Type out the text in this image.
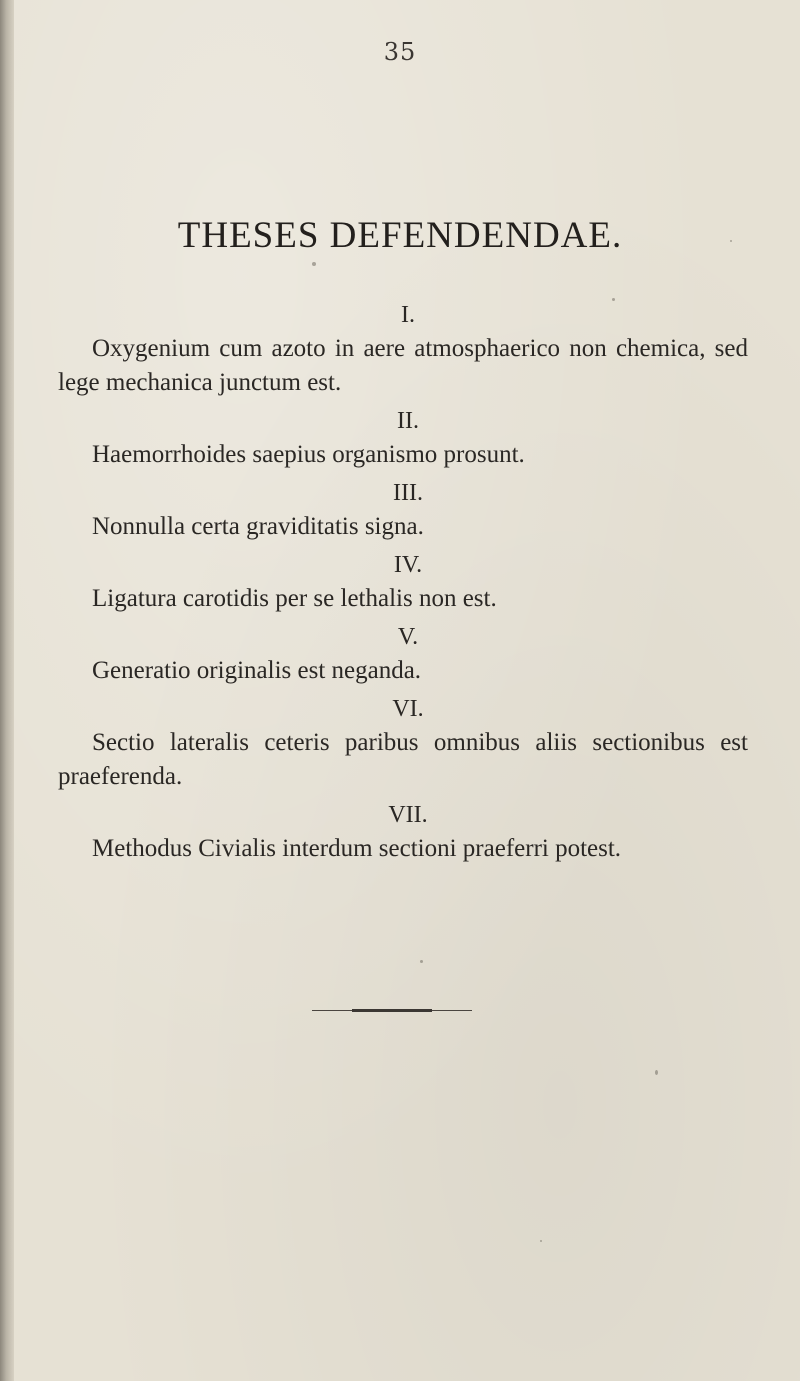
35
THESES DEFENDENDAE.

I.

Oxygenium cum azoto in aere atmosphaerico non chemica, sed lege mechanica junctum est.

II.

Haemorrhoides saepius organismo prosunt.

III.

Nonnulla certa graviditatis signa.

IV.

Ligatura carotidis per se lethalis non est.

V.

Generatio originalis est neganda.

VI.

Sectio lateralis ceteris paribus omnibus aliis sectionibus est praeferenda.

VII.

Methodus Civialis interdum sectioni praeferri potest.
